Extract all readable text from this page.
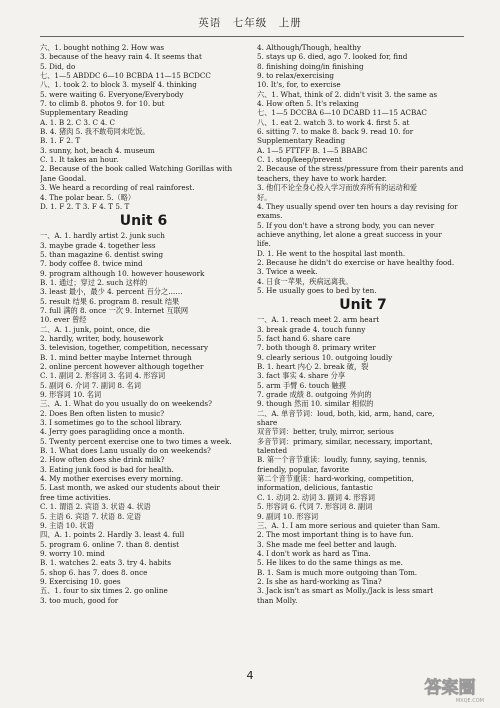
英语　七年级　上册
六、1. bought nothing 2. How was
3. because of the heavy rain 4. It seems that
5. Did, do
七、1—5 ABDDC 6—10 BCBDA 11—15 BCDCC
八、1. took 2. to block 3. myself 4. thinking
5. were waiting 6. Everyone/Everybody
7. to climb 8. photos 9. for 10. but
Supplementary Reading
A. 1. B 2. C 3. C 4. C
B. 4. 猪肉 5. 我不敢苟同未吃饭。
B. 1. F 2. T
3. sunny, hot, beach 4. museum
C. 1. It takes an hour.
2. Because of the book called Watching Gorillas with
Jane Goodal.
3. We heard a recording of real rainforest.
4. The polar bear. 5.（略）
D. 1. F 2. T 3. F 4. T 5. T
Unit 6
一、A. 1. hardly artist 2. junk such
3. maybe grade 4. together less
5. than magazine 6. dentist swing
7. body coffee 8. twice mind
9. program although 10. however housework
B. 1. 通过；穿过 2. such 这样的
3. least 最小，最少 4. percent 百分之……
5. result 结果 6. program 8. result 结果
7. full 满的 8. once 一次 9. Internet 互联网
10. ever 曾经
二、A. 1. junk, point, once, die
2. hardly, writer, body, housework
3. television, together, competition, necessary
B. 1. mind better maybe Internet through
2. online percent however although together
C. 1. 副词 2. 形容词 3. 名词 4. 形容词
5. 副词 6. 介词 7. 副词 8. 名词
9. 形容词 10. 名词
三、A. 1. What do you usually do on weekends?
2. Does Ben often listen to music?
3. I sometimes go to the school library.
4. Jerry goes paragliding once a month.
5. Twenty percent exercise one to two times a week.
B. 1. What does Lanu usually do on weekends?
2. How often does she drink milk?
3. Eating junk food is bad for health.
4. My mother exercises every morning.
5. Last month, we asked our students about their
free time activities.
C. 1. 谓语 2. 宾语 3. 状语 4. 状语
5. 主语 6. 宾语 7. 状语 8. 定语
9. 主语 10. 状语
四、A. 1. points 2. Hardly 3. least 4. full
5. program 6. online 7. than 8. dentist
9. worry 10. mind
B. 1. watches 2. eats 3. try 4. habits
5. shop 6. has 7. does 8. once
9. Exercising 10. goes
五、1. four to six times 2. go online
3. too much, good for
4. Although/Though, healthy
5. stays up 6. died, ago 7. looked for, find
8. finishing doing/in finishing
9. to relax/exercising
10. It's, for, to exercise
六、1. What, think of 2. didn't visit 3. the same as
4. How often 5. It's relaxing
七、1—5 DCCBA 6—10 DCABD 11—15 ACBAC
八、1. eat 2. watch 3. to work 4. first 5. at
6. sitting 7. to make 8. back 9. read 10. for
Supplementary Reading
A. 1—5 FTTFF B. 1—5 BBABC
C. 1. stop/keep/prevent
2. Because of the stress/pressure from their parents and
teachers, they have to work harder.
3. 他们不论全身心投入学习而放弃所有的运动和爱
好。
4. They usually spend over ten hours a day revising for
exams.
5. If you don't have a strong body, you can never
achieve anything, let alone a great success in your
life.
D. 1. He went to the hospital last month.
2. Because he didn't do exercise or have healthy food.
3. Twice a week.
4. 日食一苹果，疾病远离我。
5. He usually goes to bed by ten.
Unit 7
一、A. 1. reach meet 2. arm heart
3. break grade 4. touch funny
5. fact hand 6. share care
7. both though 8. primary writer
9. clearly serious 10. outgoing loudly
B. 1. heart 内心 2. break 破，裂
3. fact 事实 4. share 分享
5. arm 手臂 6. touch 触摸
7. grade 成绩 8. outgoing 外向的
9. though 然而 10. similar 相似的
二、A. 单音节词：loud, both, kid, arm, hand, care,
share
双音节词：better, truly, mirror, serious
多音节词：primary, similar, necessary, important,
talented
B. 第一个音节重读：loudly, funny, saying, tennis,
friendly, popular, favorite
第二个音节重读：hard-working, competition,
information, delicious, fantastic
C. 1. 动词 2. 动词 3. 副词 4. 形容词
5. 形容词 6. 代词 7. 形容词 8. 副词
9. 副词 10. 形容词
三、A. 1. I am more serious and quieter than Sam.
2. The most important thing is to have fun.
3. She made me feel better and laugh.
4. I don't work as hard as Tina.
5. He likes to do the same things as me.
B. 1. Sam is much more outgoing than Tom.
2. Is she as hard-working as Tina?
3. Jack isn't as smart as Molly./Jack is less smart
than Molly.
4
答案圈
MXQE.COM
